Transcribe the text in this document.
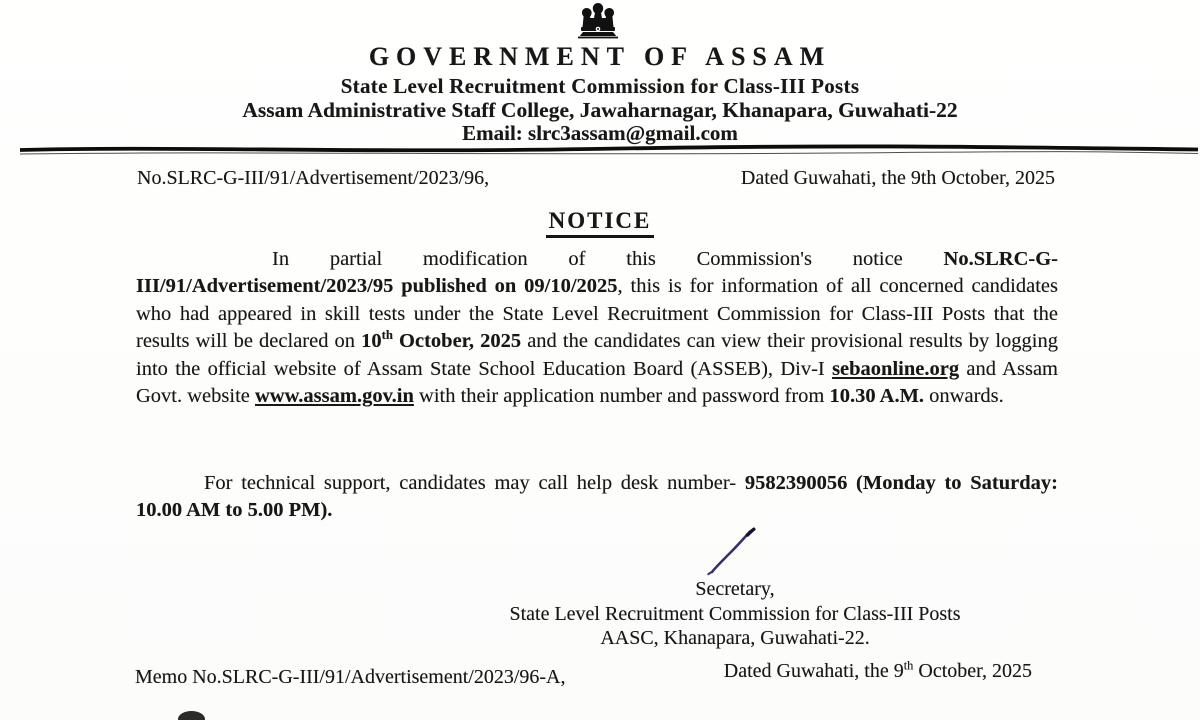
GOVERNMENT OF ASSAM
State Level Recruitment Commission for Class-III Posts
Assam Administrative Staff College, Jawaharnagar, Khanapara, Guwahati-22
Email: slrc3assam@gmail.com
No.SLRC-G-III/91/Advertisement/2023/96,	Dated Guwahati, the 9th October, 2025
NOTICE
In partial modification of this Commission's notice No.SLRC-G-III/91/Advertisement/2023/95 published on 09/10/2025, this is for information of all concerned candidates who had appeared in skill tests under the State Level Recruitment Commission for Class-III Posts that the results will be declared on 10th October, 2025 and the candidates can view their provisional results by logging into the official website of Assam State School Education Board (ASSEB), Div-I sebaonline.org and Assam Govt. website www.assam.gov.in with their application number and password from 10.30 A.M. onwards.
For technical support, candidates may call help desk number- 9582390056 (Monday to Saturday: 10.00 AM to 5.00 PM).
Secretary,
State Level Recruitment Commission for Class-III Posts
AASC, Khanapara, Guwahati-22.
Memo No.SLRC-G-III/91/Advertisement/2023/96-A,	Dated Guwahati, the 9th October, 2025
